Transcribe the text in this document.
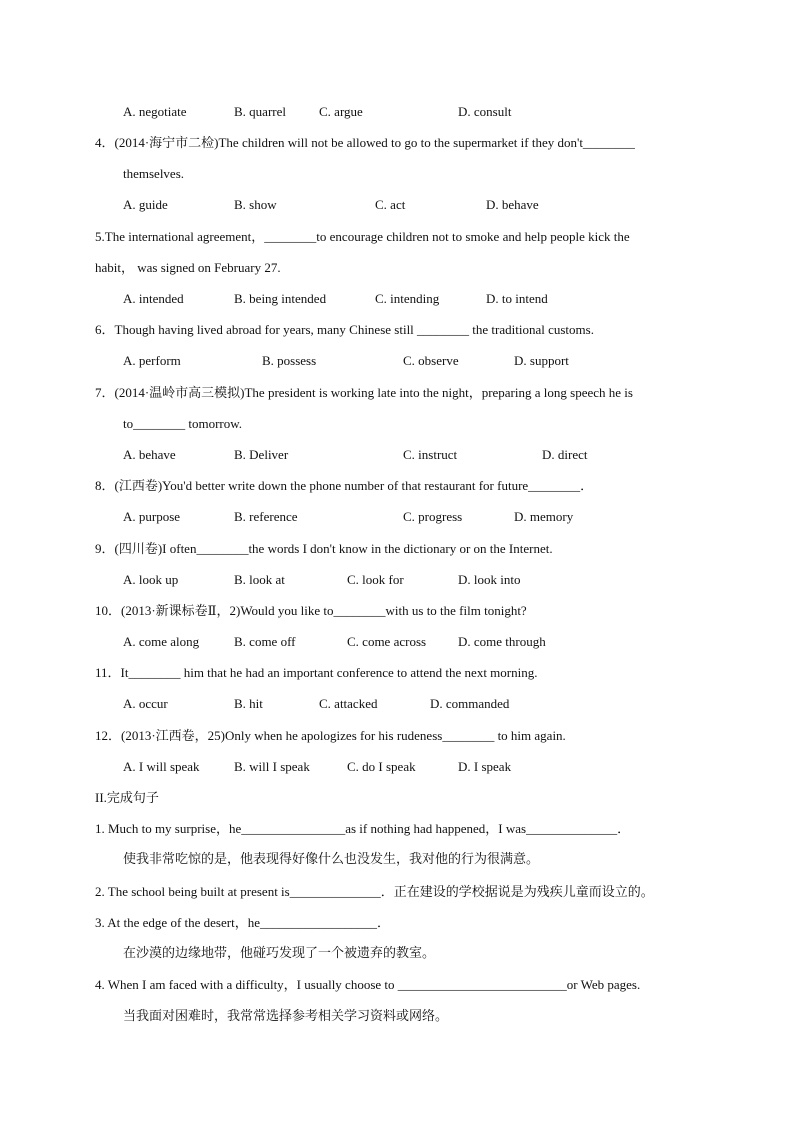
A. negotiate	B. quarrel	C. argue	D. consult
4．(2014·海宁市二检)The children will not be allowed to go to the supermarket if they don't________
themselves.
A. guide	B. show	C. act	D. behave
5.The international agreement，________to encourage children not to smoke and help people kick the
habit， was signed on February 27.
A. intended	B. being intended	C. intending	D. to intend
6．Though having lived abroad for years, many Chinese still ________ the traditional customs.
A. perform	B. possess	C. observe	D. support
7．(2014·温岭市高三模拟)The president is working late into the night，preparing a long speech he is
to________ tomorrow.
A. behave	B. Deliver	C. instruct	D. direct
8．(江西卷)You'd better write down the phone number of that restaurant for future________．
A. purpose	B. reference	C. progress	D. memory
9．(四川卷)I often________the words I don't know in the dictionary or on the Internet.
A. look up	B. look at	C. look for	D. look into
10．(2013·新课标卷Ⅱ，2)Would you like to________with us to the film tonight?
A. come along	B. come off	C. come across D. come through
11．It________ him that he had an important conference to attend the next morning.
A. occur	B. hit	C. attacked	D. commanded
12．(2013·江西卷，25)Only when he apologizes for his rudeness________ to him again.
A. I will speak	B. will I speak	C. do I speak	D. I speak
II.完成句子
1. Much to my surprise，he________________as if nothing had happened，I was______________．
使我非常吃惊的是，他表现得好像什么也没发生，我对他的行为很满意。
2. The school being built at present is______________．正在建设的学校据说是为残疾儿童而设立的。
3. At the edge of the desert，he__________________．
在沙漠的边缘地带，他碰巧发现了一个被遗弃的教室。
4. When I am faced with a difficulty，I usually choose to __________________________or Web pages.
当我面对困难时，我常常选择参考相关学习资料或网络。
